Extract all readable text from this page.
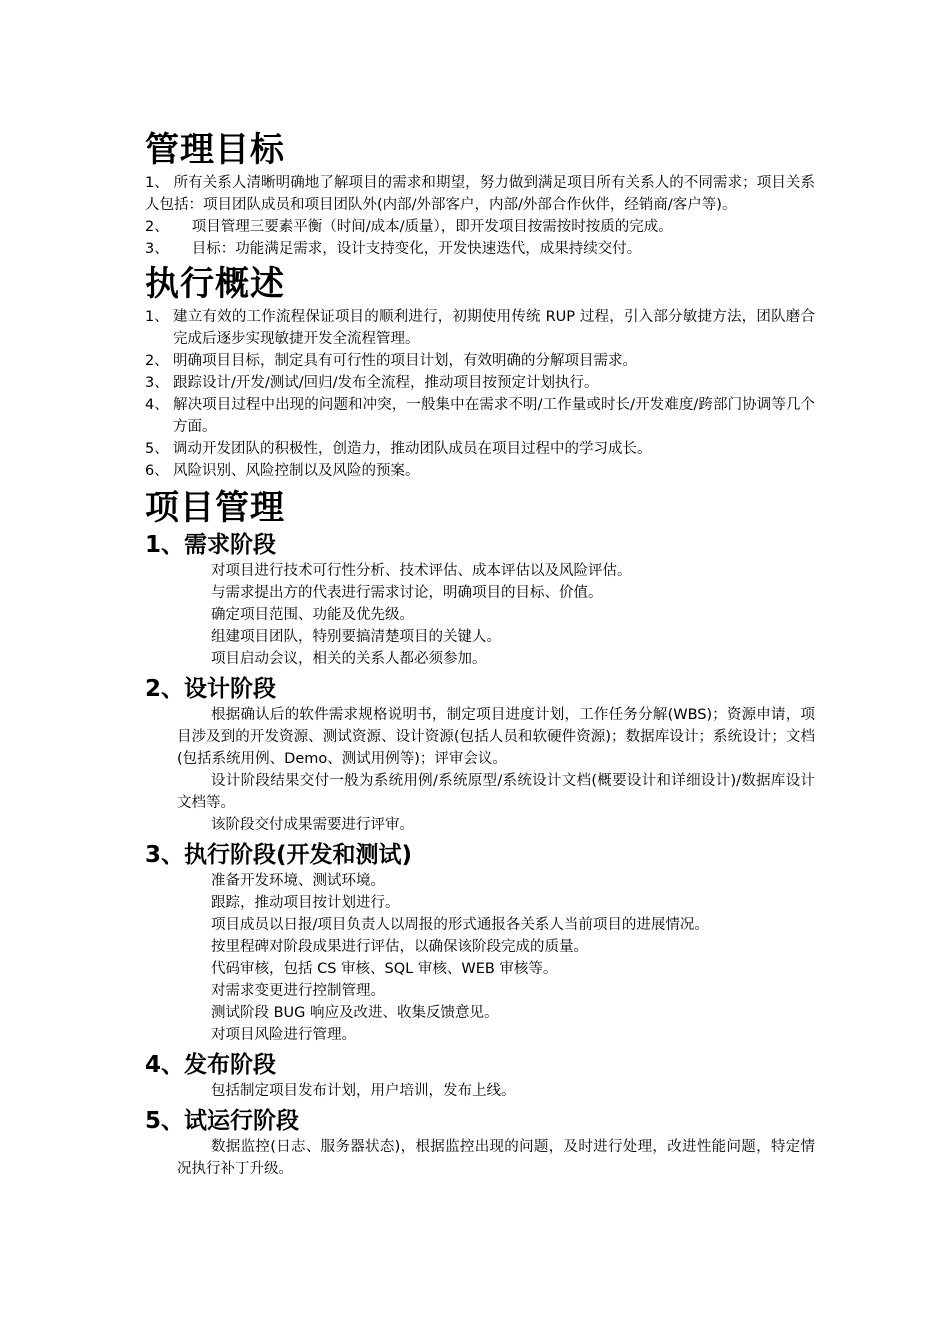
管理目标

1、 所有关系人清晰明确地了解项目的需求和期望，努力做到满足项目所有关系人的不同需求；项目关系人包括：项目团队成员和项目团队外(内部/外部客户，内部/外部合作伙伴，经销商/客户等)。

2、     项目管理三要素平衡（时间/成本/质量），即开发项目按需按时按质的完成。

3、     目标：功能满足需求，设计支持变化，开发快速迭代，成果持续交付。

执行概述
1、 建立有效的工作流程保证项目的顺利进行，初期使用传统 RUP 过程，引入部分敏捷方法，团队磨合完成后逐步实现敏捷开发全流程管理。
2、 明确项目目标，制定具有可行性的项目计划，有效明确的分解项目需求。
3、 跟踪设计/开发/测试/回归/发布全流程，推动项目按预定计划执行。
4、 解决项目过程中出现的问题和冲突，一般集中在需求不明/工作量或时长/开发难度/跨部门协调等几个方面。
5、 调动开发团队的积极性，创造力，推动团队成员在项目过程中的学习成长。
6、 风险识别、风险控制以及风险的预案。
项目管理
1、需求阶段

对项目进行技术可行性分析、技术评估、成本评估以及风险评估。

与需求提出方的代表进行需求讨论，明确项目的目标、价值。

确定项目范围、功能及优先级。

组建项目团队，特别要搞清楚项目的关键人。

项目启动会议，相关的关系人都必须参加。

2、设计阶段

根据确认后的软件需求规格说明书，制定项目进度计划，工作任务分解(WBS)；资源申请，项目涉及到的开发资源、测试资源、设计资源(包括人员和软硬件资源)；数据库设计；系统设计；文档(包括系统用例、Demo、测试用例等)；评审会议。

设计阶段结果交付一般为系统用例/系统原型/系统设计文档(概要设计和详细设计)/数据库设计文档等。

该阶段交付成果需要进行评审。

3、执行阶段(开发和测试)

准备开发环境、测试环境。

跟踪，推动项目按计划进行。

项目成员以日报/项目负责人以周报的形式通报各关系人当前项目的进展情况。

按里程碑对阶段成果进行评估，以确保该阶段完成的质量。

代码审核，包括 CS 审核、SQL 审核、WEB 审核等。

对需求变更进行控制管理。

测试阶段 BUG 响应及改进、收集反馈意见。

对项目风险进行管理。

4、发布阶段

包括制定项目发布计划，用户培训，发布上线。

5、试运行阶段

数据监控(日志、服务器状态)，根据监控出现的问题，及时进行处理，改进性能问题，特定情况执行补丁升级。
